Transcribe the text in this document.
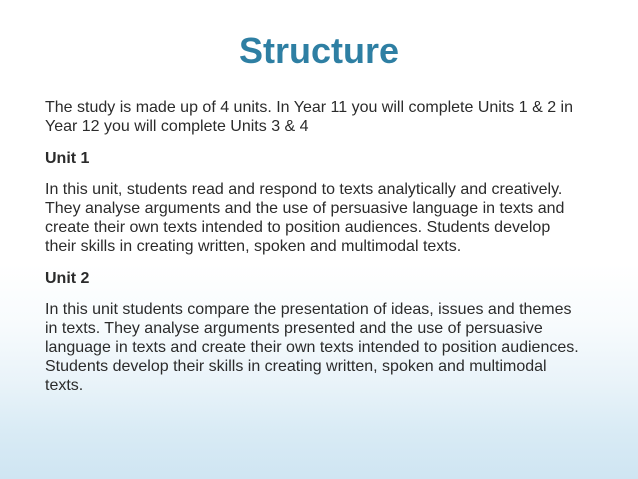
Structure

The study is made up of 4 units. In Year 11 you will complete Units 1 & 2 in Year 12 you will complete Units 3 & 4

Unit 1

In this unit, students read and respond to texts analytically and creatively. They analyse arguments and the use of persuasive language in texts and create their own texts intended to position audiences. Students develop their skills in creating written, spoken and multimodal texts.

Unit 2

In this unit students compare the presentation of ideas, issues and themes in texts. They analyse arguments presented and the use of persuasive language in texts and create their own texts intended to position audiences. Students develop their skills in creating written, spoken and multimodal texts.
